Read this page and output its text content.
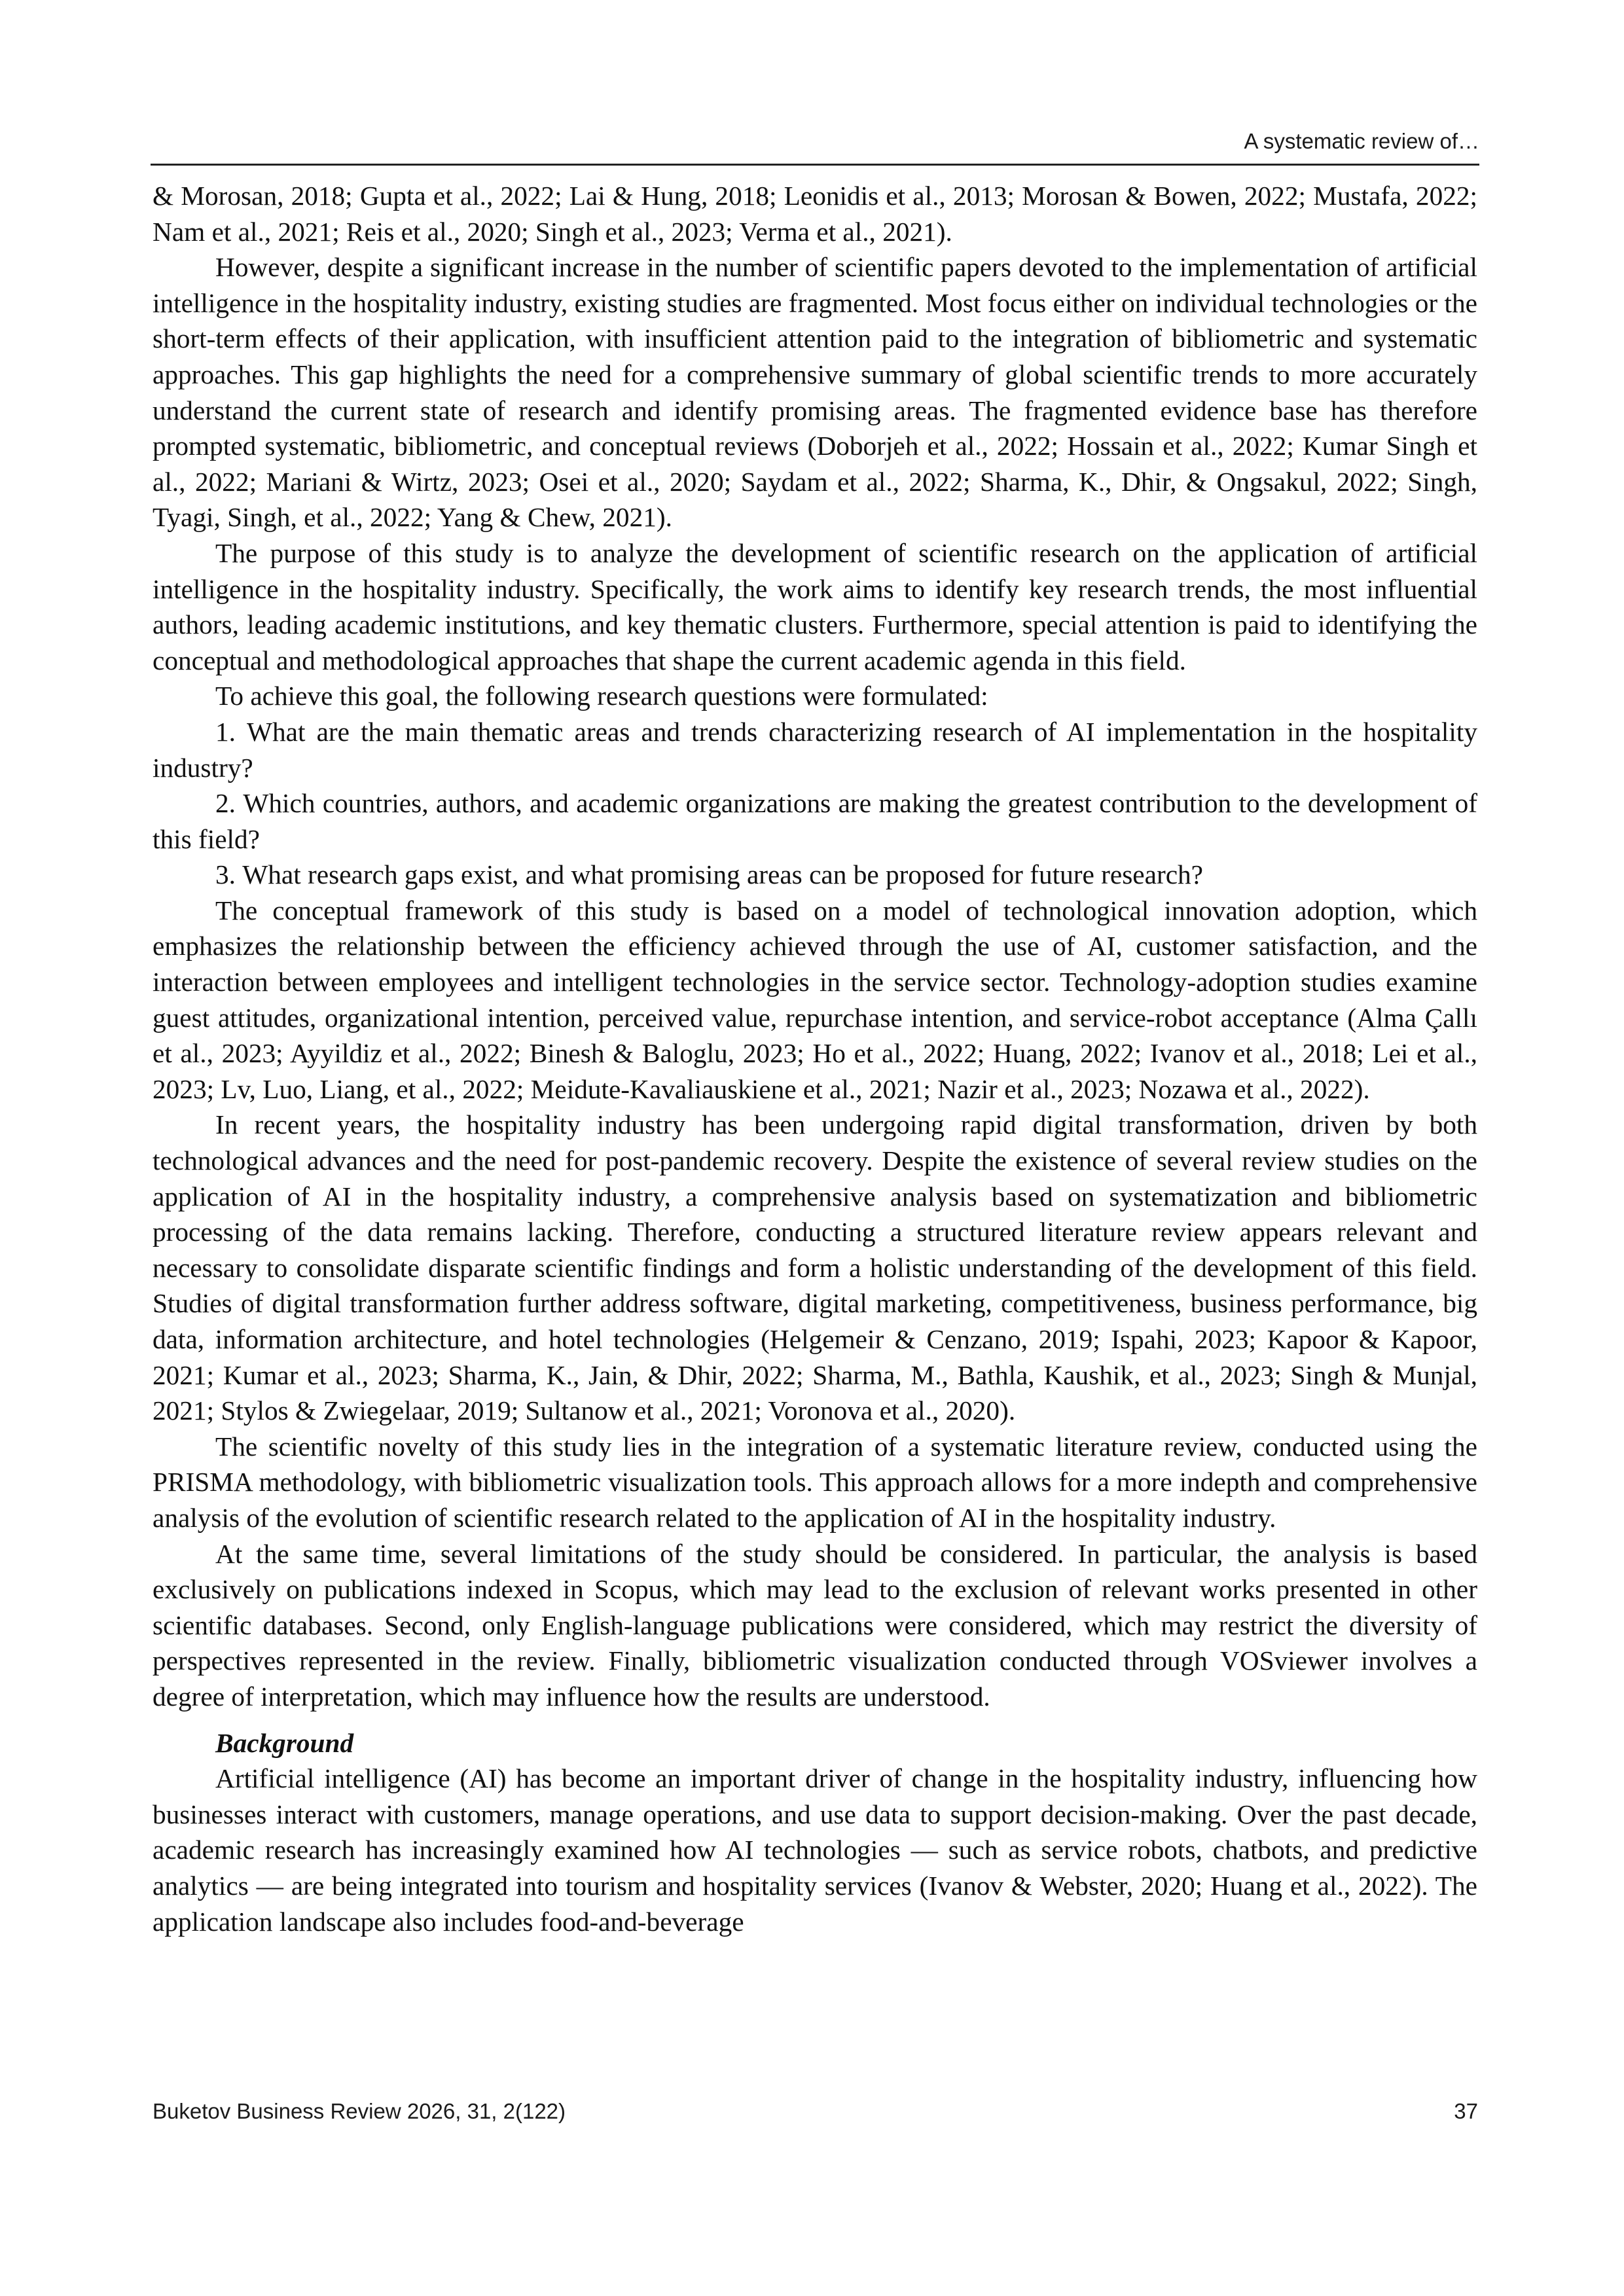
A systematic review of…

& Morosan, 2018; Gupta et al., 2022; Lai & Hung, 2018; Leonidis et al., 2013; Morosan & Bowen, 2022; Mustafa, 2022; Nam et al., 2021; Reis et al., 2020; Singh et al., 2023; Verma et al., 2021).

However, despite a significant increase in the number of scientific papers devoted to the implementation of artificial intelligence in the hospitality industry, existing studies are fragmented. Most focus either on individual technologies or the short-term effects of their application, with insufficient attention paid to the integration of bibliometric and systematic approaches. This gap highlights the need for a comprehensive summary of global scientific trends to more accurately understand the current state of research and identify promising areas. The fragmented evidence base has therefore prompted systematic, bibliometric, and conceptual reviews (Doborjeh et al., 2022; Hossain et al., 2022; Kumar Singh et al., 2022; Mariani & Wirtz, 2023; Osei et al., 2020; Saydam et al., 2022; Sharma, K., Dhir, & Ongsakul, 2022; Singh, Tyagi, Singh, et al., 2022; Yang & Chew, 2021).

The purpose of this study is to analyze the development of scientific research on the application of artificial intelligence in the hospitality industry. Specifically, the work aims to identify key research trends, the most influential authors, leading academic institutions, and key thematic clusters. Furthermore, special attention is paid to identifying the conceptual and methodological approaches that shape the current academic agenda in this field.

To achieve this goal, the following research questions were formulated:

1. What are the main thematic areas and trends characterizing research of AI implementation in the hospitality industry?

2. Which countries, authors, and academic organizations are making the greatest contribution to the development of this field?

3. What research gaps exist, and what promising areas can be proposed for future research?

The conceptual framework of this study is based on a model of technological innovation adoption, which emphasizes the relationship between the efficiency achieved through the use of AI, customer satisfaction, and the interaction between employees and intelligent technologies in the service sector. Technology-adoption studies examine guest attitudes, organizational intention, perceived value, repurchase intention, and service-robot acceptance (Alma Çallı et al., 2023; Ayyildiz et al., 2022; Binesh & Baloglu, 2023; Ho et al., 2022; Huang, 2022; Ivanov et al., 2018; Lei et al., 2023; Lv, Luo, Liang, et al., 2022; Meidute-Kavaliauskiene et al., 2021; Nazir et al., 2023; Nozawa et al., 2022).

In recent years, the hospitality industry has been undergoing rapid digital transformation, driven by both technological advances and the need for post-pandemic recovery. Despite the existence of several review studies on the application of AI in the hospitality industry, a comprehensive analysis based on systematization and bibliometric processing of the data remains lacking. Therefore, conducting a structured literature review appears relevant and necessary to consolidate disparate scientific findings and form a holistic understanding of the development of this field. Studies of digital transformation further address software, digital marketing, competitiveness, business performance, big data, information architecture, and hotel technologies (Helgemeir & Cenzano, 2019; Ispahi, 2023; Kapoor & Kapoor, 2021; Kumar et al., 2023; Sharma, K., Jain, & Dhir, 2022; Sharma, M., Bathla, Kaushik, et al., 2023; Singh & Munjal, 2021; Stylos & Zwiegelaar, 2019; Sultanow et al., 2021; Voronova et al., 2020).

The scientific novelty of this study lies in the integration of a systematic literature review, conducted using the PRISMA methodology, with bibliometric visualization tools. This approach allows for a more indepth and comprehensive analysis of the evolution of scientific research related to the application of AI in the hospitality industry.

At the same time, several limitations of the study should be considered. In particular, the analysis is based exclusively on publications indexed in Scopus, which may lead to the exclusion of relevant works presented in other scientific databases. Second, only English-language publications were considered, which may restrict the diversity of perspectives represented in the review. Finally, bibliometric visualization conducted through VOSviewer involves a degree of interpretation, which may influence how the results are understood.

Background

Artificial intelligence (AI) has become an important driver of change in the hospitality industry, influencing how businesses interact with customers, manage operations, and use data to support decision-making. Over the past decade, academic research has increasingly examined how AI technologies — such as service robots, chatbots, and predictive analytics — are being integrated into tourism and hospitality services (Ivanov & Webster, 2020; Huang et al., 2022). The application landscape also includes food-and-beverage

Buketov Business Review 2026, 31, 2(122)	37
